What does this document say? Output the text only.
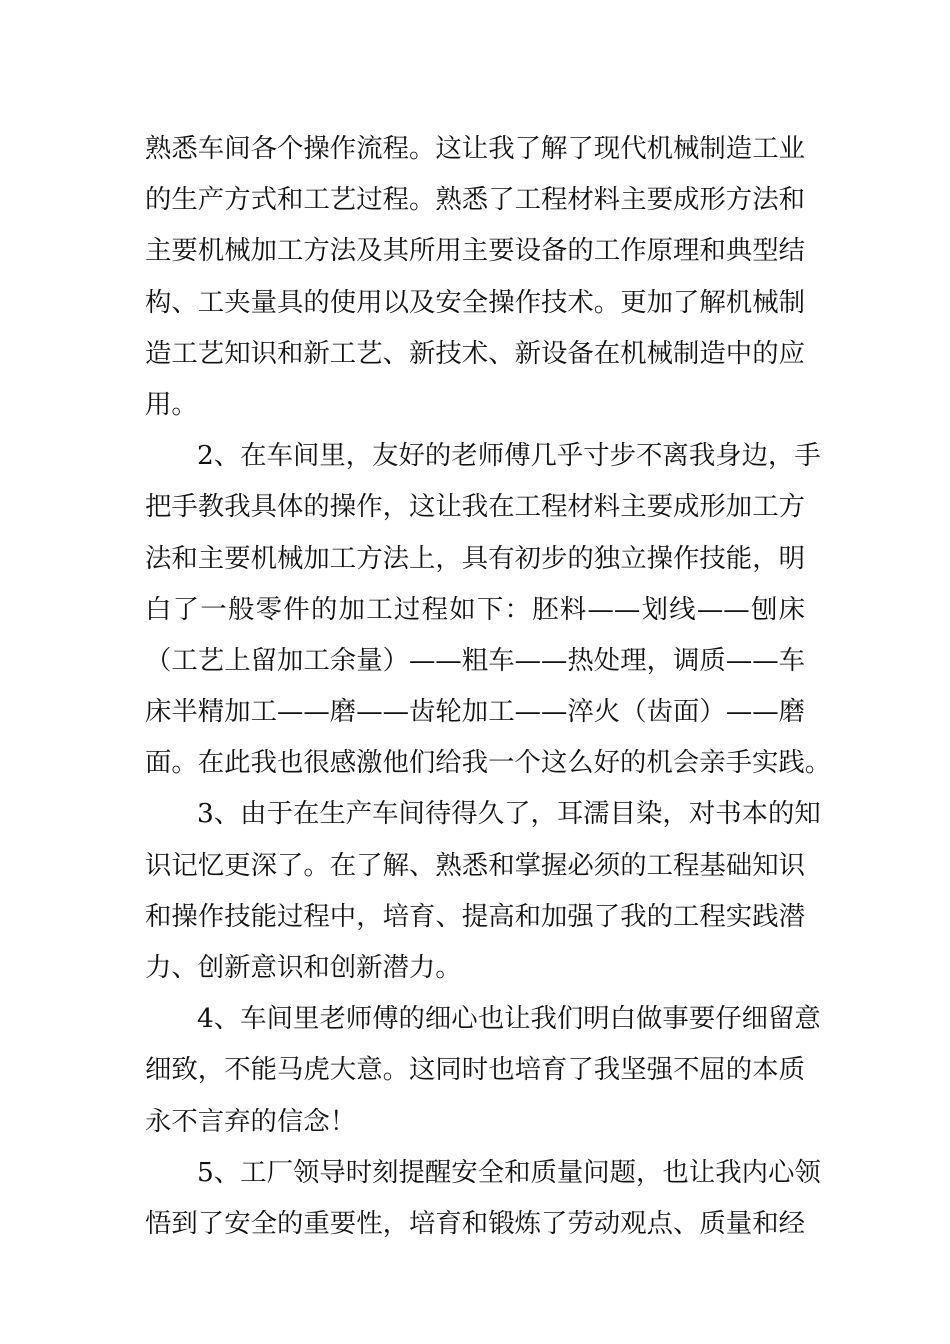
熟悉车间各个操作流程。这让我了解了现代机械制造工业
的生产方式和工艺过程。熟悉了工程材料主要成形方法和
主要机械加工方法及其所用主要设备的工作原理和典型结
构、工夹量具的使用以及安全操作技术。更加了解机械制
造工艺知识和新工艺、新技术、新设备在机械制造中的应
用。
2、在车间里，友好的老师傅几乎寸步不离我身边，手
把手教我具体的操作，这让我在工程材料主要成形加工方
法和主要机械加工方法上，具有初步的独立操作技能，明
白了一般零件的加工过程如下：胚料——划线——刨床
（工艺上留加工余量）——粗车——热处理，调质——车
床半精加工——磨——齿轮加工——淬火（齿面）——磨
面。在此我也很感激他们给我一个这么好的机会亲手实践。
3、由于在生产车间待得久了，耳濡目染，对书本的知
识记忆更深了。在了解、熟悉和掌握必须的工程基础知识
和操作技能过程中，培育、提高和加强了我的工程实践潜
力、创新意识和创新潜力。
4、车间里老师傅的细心也让我们明白做事要仔细留意
细致，不能马虎大意。这同时也培育了我坚强不屈的本质
永不言弃的信念！
5、工厂领导时刻提醒安全和质量问题，也让我内心领
悟到了安全的重要性，培育和锻炼了劳动观点、质量和经
